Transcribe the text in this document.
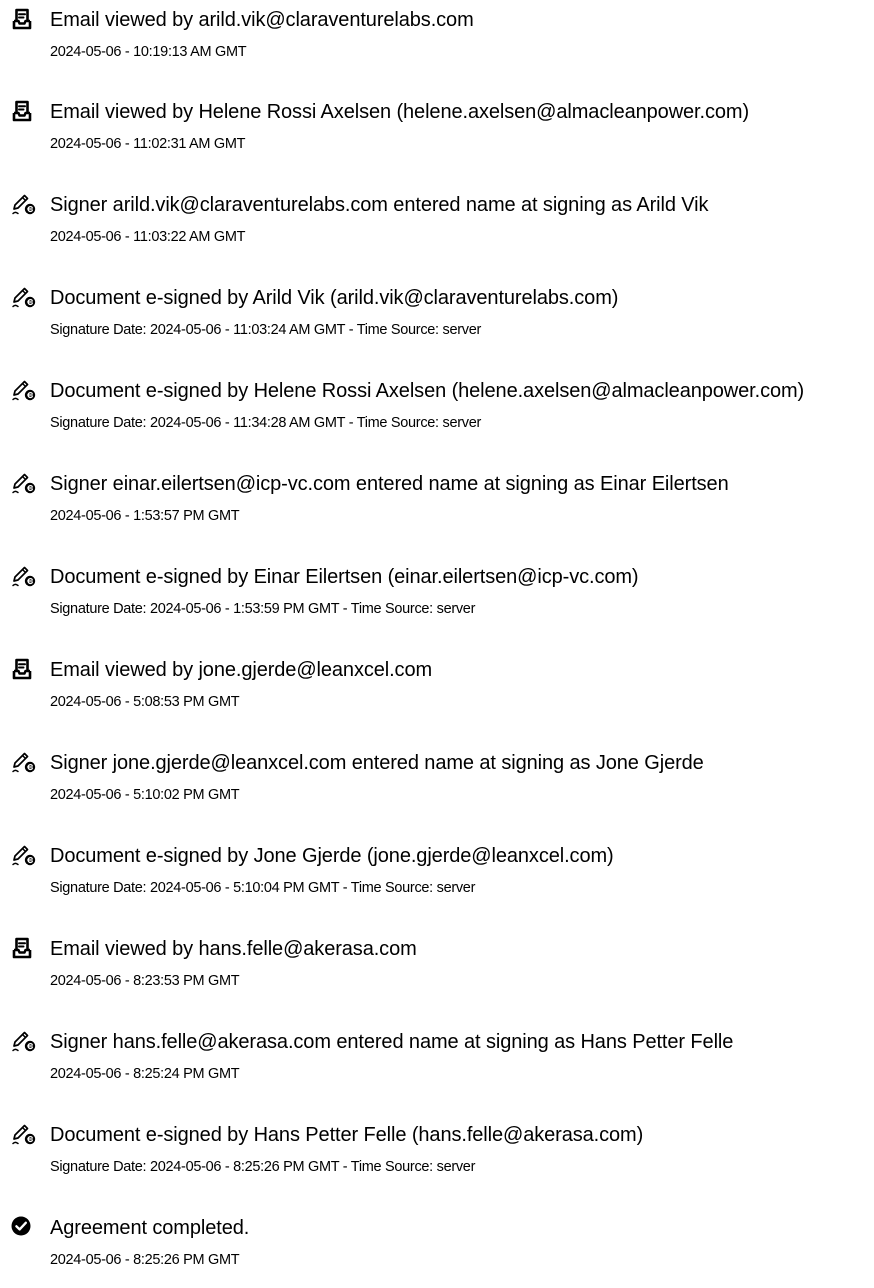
Email viewed by arild.vik@claraventurelabs.com
2024-05-06 - 10:19:13 AM GMT
Email viewed by Helene Rossi Axelsen (helene.axelsen@almacleanpower.com)
2024-05-06 - 11:02:31 AM GMT
Signer arild.vik@claraventurelabs.com entered name at signing as Arild Vik
2024-05-06 - 11:03:22 AM GMT
Document e-signed by Arild Vik (arild.vik@claraventurelabs.com)
Signature Date: 2024-05-06 - 11:03:24 AM GMT - Time Source: server
Document e-signed by Helene Rossi Axelsen (helene.axelsen@almacleanpower.com)
Signature Date: 2024-05-06 - 11:34:28 AM GMT - Time Source: server
Signer einar.eilertsen@icp-vc.com entered name at signing as Einar Eilertsen
2024-05-06 - 1:53:57 PM GMT
Document e-signed by Einar Eilertsen (einar.eilertsen@icp-vc.com)
Signature Date: 2024-05-06 - 1:53:59 PM GMT - Time Source: server
Email viewed by jone.gjerde@leanxcel.com
2024-05-06 - 5:08:53 PM GMT
Signer jone.gjerde@leanxcel.com entered name at signing as Jone Gjerde
2024-05-06 - 5:10:02 PM GMT
Document e-signed by Jone Gjerde (jone.gjerde@leanxcel.com)
Signature Date: 2024-05-06 - 5:10:04 PM GMT - Time Source: server
Email viewed by hans.felle@akerasa.com
2024-05-06 - 8:23:53 PM GMT
Signer hans.felle@akerasa.com entered name at signing as Hans Petter Felle
2024-05-06 - 8:25:24 PM GMT
Document e-signed by Hans Petter Felle (hans.felle@akerasa.com)
Signature Date: 2024-05-06 - 8:25:26 PM GMT - Time Source: server
Agreement completed.
2024-05-06 - 8:25:26 PM GMT
